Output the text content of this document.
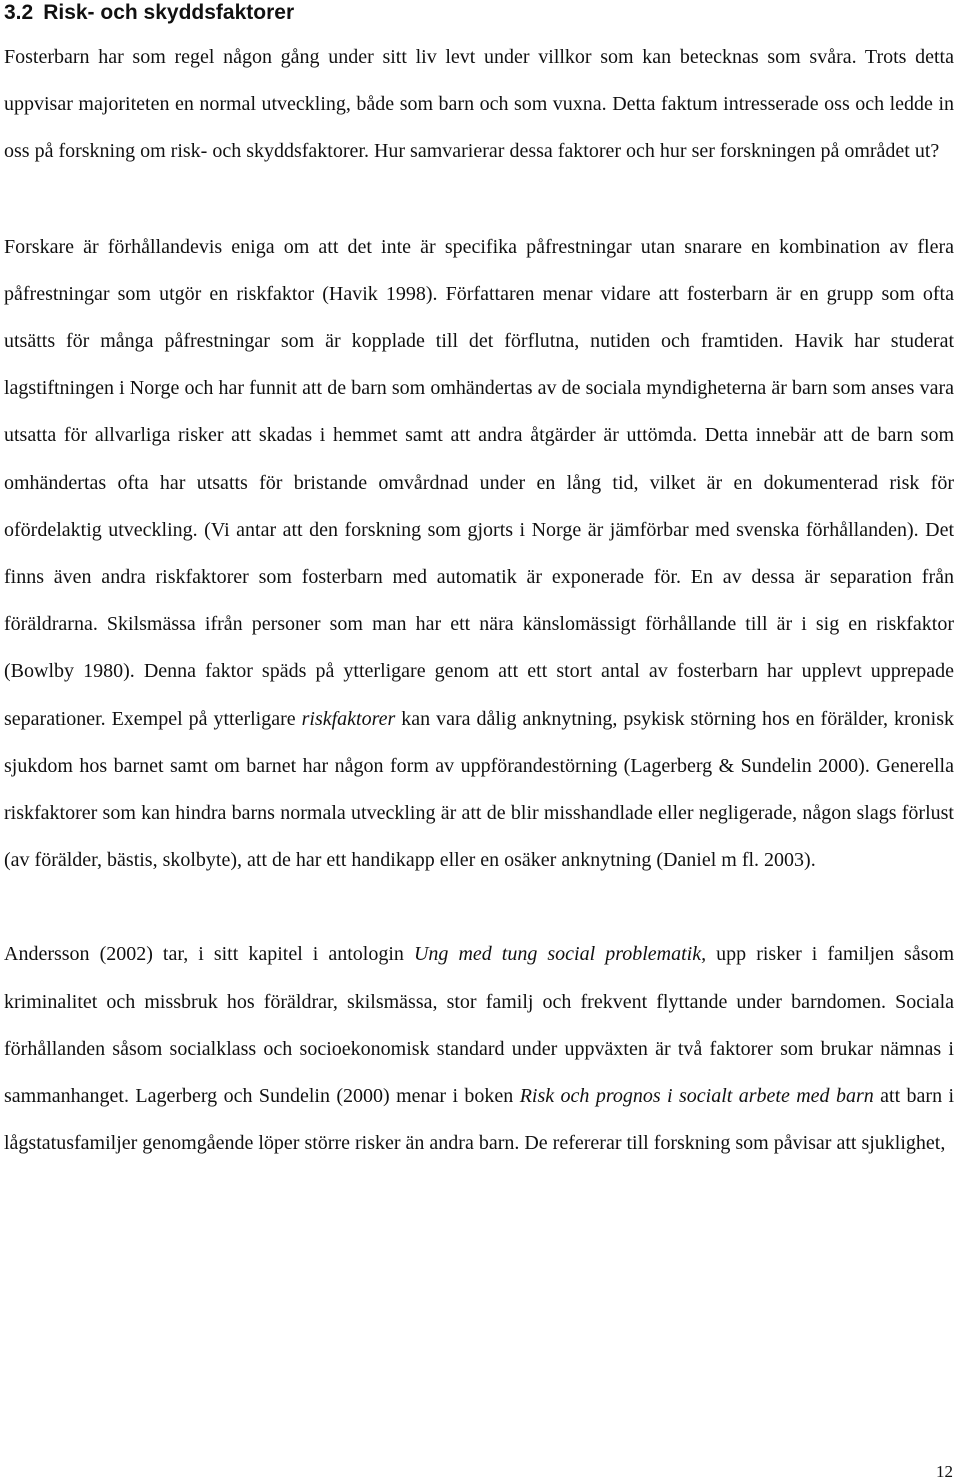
3.2 Risk- och skyddsfaktorer

Fosterbarn har som regel någon gång under sitt liv levt under villkor som kan betecknas som svåra. Trots detta uppvisar majoriteten en normal utveckling, både som barn och som vuxna. Detta faktum intresserade oss och ledde in oss på forskning om risk- och skyddsfaktorer. Hur samvarierar dessa faktorer och hur ser forskningen på området ut?

Forskare är förhållandevis eniga om att det inte är specifika påfrestningar utan snarare en kombination av flera påfrestningar som utgör en riskfaktor (Havik 1998). Författaren menar vidare att fosterbarn är en grupp som ofta utsätts för många påfrestningar som är kopplade till det förflutna, nutiden och framtiden. Havik har studerat lagstiftningen i Norge och har funnit att de barn som omhändertas av de sociala myndigheterna är barn som anses vara utsatta för allvarliga risker att skadas i hemmet samt att andra åtgärder är uttömda. Detta innebär att de barn som omhändertas ofta har utsatts för bristande omvårdnad under en lång tid, vilket är en dokumenterad risk för ofördelaktig utveckling. (Vi antar att den forskning som gjorts i Norge är jämförbar med svenska förhållanden). Det finns även andra riskfaktorer som fosterbarn med automatik är exponerade för. En av dessa är separation från föräldrarna. Skilsmässa ifrån personer som man har ett nära känslomässigt förhållande till är i sig en riskfaktor (Bowlby 1980). Denna faktor späds på ytterligare genom att ett stort antal av fosterbarn har upplevt upprepade separationer. Exempel på ytterligare riskfaktorer kan vara dålig anknytning, psykisk störning hos en förälder, kronisk sjukdom hos barnet samt om barnet har någon form av uppförandestörning (Lagerberg & Sundelin 2000). Generella riskfaktorer som kan hindra barns normala utveckling är att de blir misshandlade eller negligerade, någon slags förlust (av förälder, bästis, skolbyte), att de har ett handikapp eller en osäker anknytning (Daniel m fl. 2003).

Andersson (2002) tar, i sitt kapitel i antologin Ung med tung social problematik, upp risker i familjen såsom kriminalitet och missbruk hos föräldrar, skilsmässa, stor familj och frekvent flyttande under barndomen. Sociala förhållanden såsom socialklass och socioekonomisk standard under uppväxten är två faktorer som brukar nämnas i sammanhanget. Lagerberg och Sundelin (2000) menar i boken Risk och prognos i socialt arbete med barn att barn i lågstatusfamiljer genomgående löper större risker än andra barn. De refererar till forskning som påvisar att sjuklighet,

12
